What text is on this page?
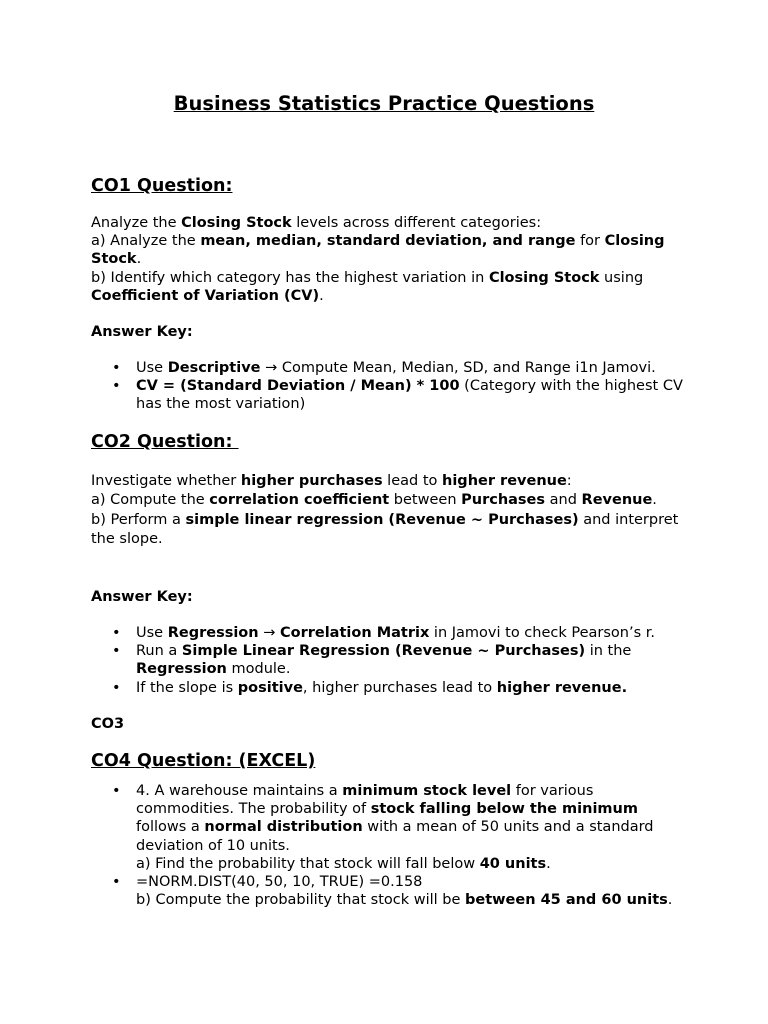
Business Statistics Practice Questions
CO1 Question:
Analyze the Closing Stock levels across different categories:
a) Analyze the mean, median, standard deviation, and range for Closing Stock.
b) Identify which category has the highest variation in Closing Stock using Coefficient of Variation (CV).
Answer Key:
• Use Descriptive → Compute Mean, Median, SD, and Range i1n Jamovi.
• CV = (Standard Deviation / Mean) * 100 (Category with the highest CV has the most variation)
CO2 Question:
Investigate whether higher purchases lead to higher revenue:
a) Compute the correlation coefficient between Purchases and Revenue.
b) Perform a simple linear regression (Revenue ~ Purchases) and interpret the slope.
Answer Key:
• Use Regression → Correlation Matrix in Jamovi to check Pearson’s r.
• Run a Simple Linear Regression (Revenue ~ Purchases) in the Regression module.
• If the slope is positive, higher purchases lead to higher revenue.
CO3
CO4 Question: (EXCEL)
• 4. A warehouse maintains a minimum stock level for various commodities. The probability of stock falling below the minimum follows a normal distribution with a mean of 50 units and a standard deviation of 10 units.
a) Find the probability that stock will fall below 40 units.
• =NORM.DIST(40, 50, 10, TRUE) =0.158
b) Compute the probability that stock will be between 45 and 60 units.
